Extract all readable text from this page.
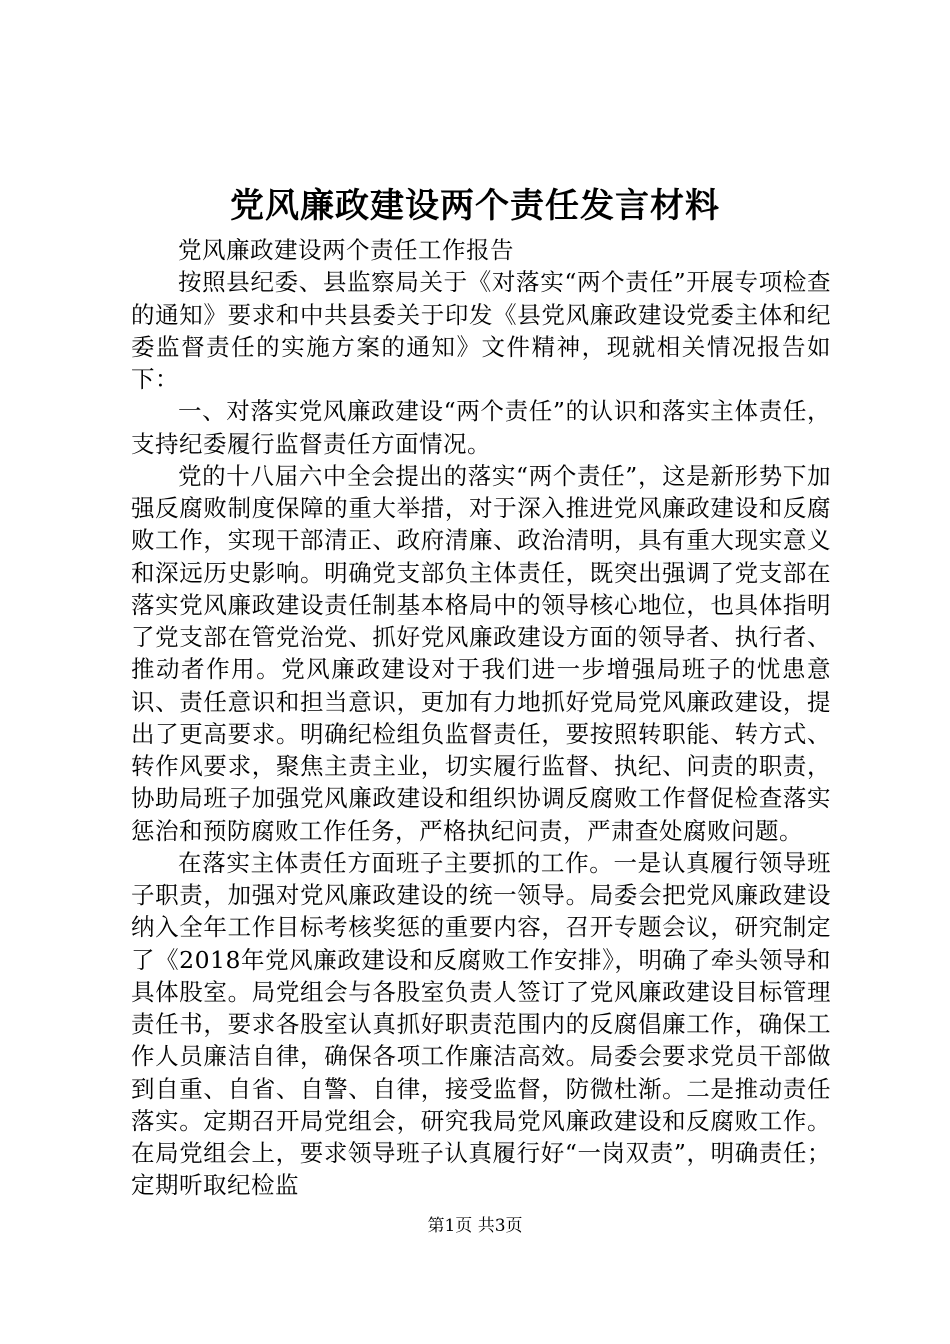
党风廉政建设两个责任发言材料

党风廉政建设两个责任工作报告

按照县纪委、县监察局关于《对落实“两个责任”开展专项检查的通知》要求和中共县委关于印发《县党风廉政建设党委主体和纪委监督责任的实施方案的通知》文件精神，现就相关情况报告如下：

一、对落实党风廉政建设“两个责任”的认识和落实主体责任，支持纪委履行监督责任方面情况。

党的十八届六中全会提出的落实“两个责任”，这是新形势下加强反腐败制度保障的重大举措，对于深入推进党风廉政建设和反腐败工作，实现干部清正、政府清廉、政治清明，具有重大现实意义和深远历史影响。明确党支部负主体责任，既突出强调了党支部在落实党风廉政建设责任制基本格局中的领导核心地位，也具体指明了党支部在管党治党、抓好党风廉政建设方面的领导者、执行者、推动者作用。党风廉政建设对于我们进一步增强局班子的忧患意识、责任意识和担当意识，更加有力地抓好党局党风廉政建设，提出了更高要求。明确纪检组负监督责任，要按照转职能、转方式、转作风要求，聚焦主责主业，切实履行监督、执纪、问责的职责，协助局班子加强党风廉政建设和组织协调反腐败工作督促检查落实惩治和预防腐败工作任务，严格执纪问责，严肃查处腐败问题。

在落实主体责任方面班子主要抓的工作。一是认真履行领导班子职责，加强对党风廉政建设的统一领导。局委会把党风廉政建设纳入全年工作目标考核奖惩的重要内容，召开专题会议，研究制定了《2018年党风廉政建设和反腐败工作安排》，明确了牵头领导和具体股室。局党组会与各股室负责人签订了党风廉政建设目标管理责任书，要求各股室认真抓好职责范围内的反腐倡廉工作，确保工作人员廉洁自律，确保各项工作廉洁高效。局委会要求党员干部做到自重、自省、自警、自律，接受监督，防微杜渐。二是推动责任落实。定期召开局党组会，研究我局党风廉政建设和反腐败工作。在局党组会上，要求领导班子认真履行好“一岗双责”，明确责任；定期听取纪检监

第1页 共3页
